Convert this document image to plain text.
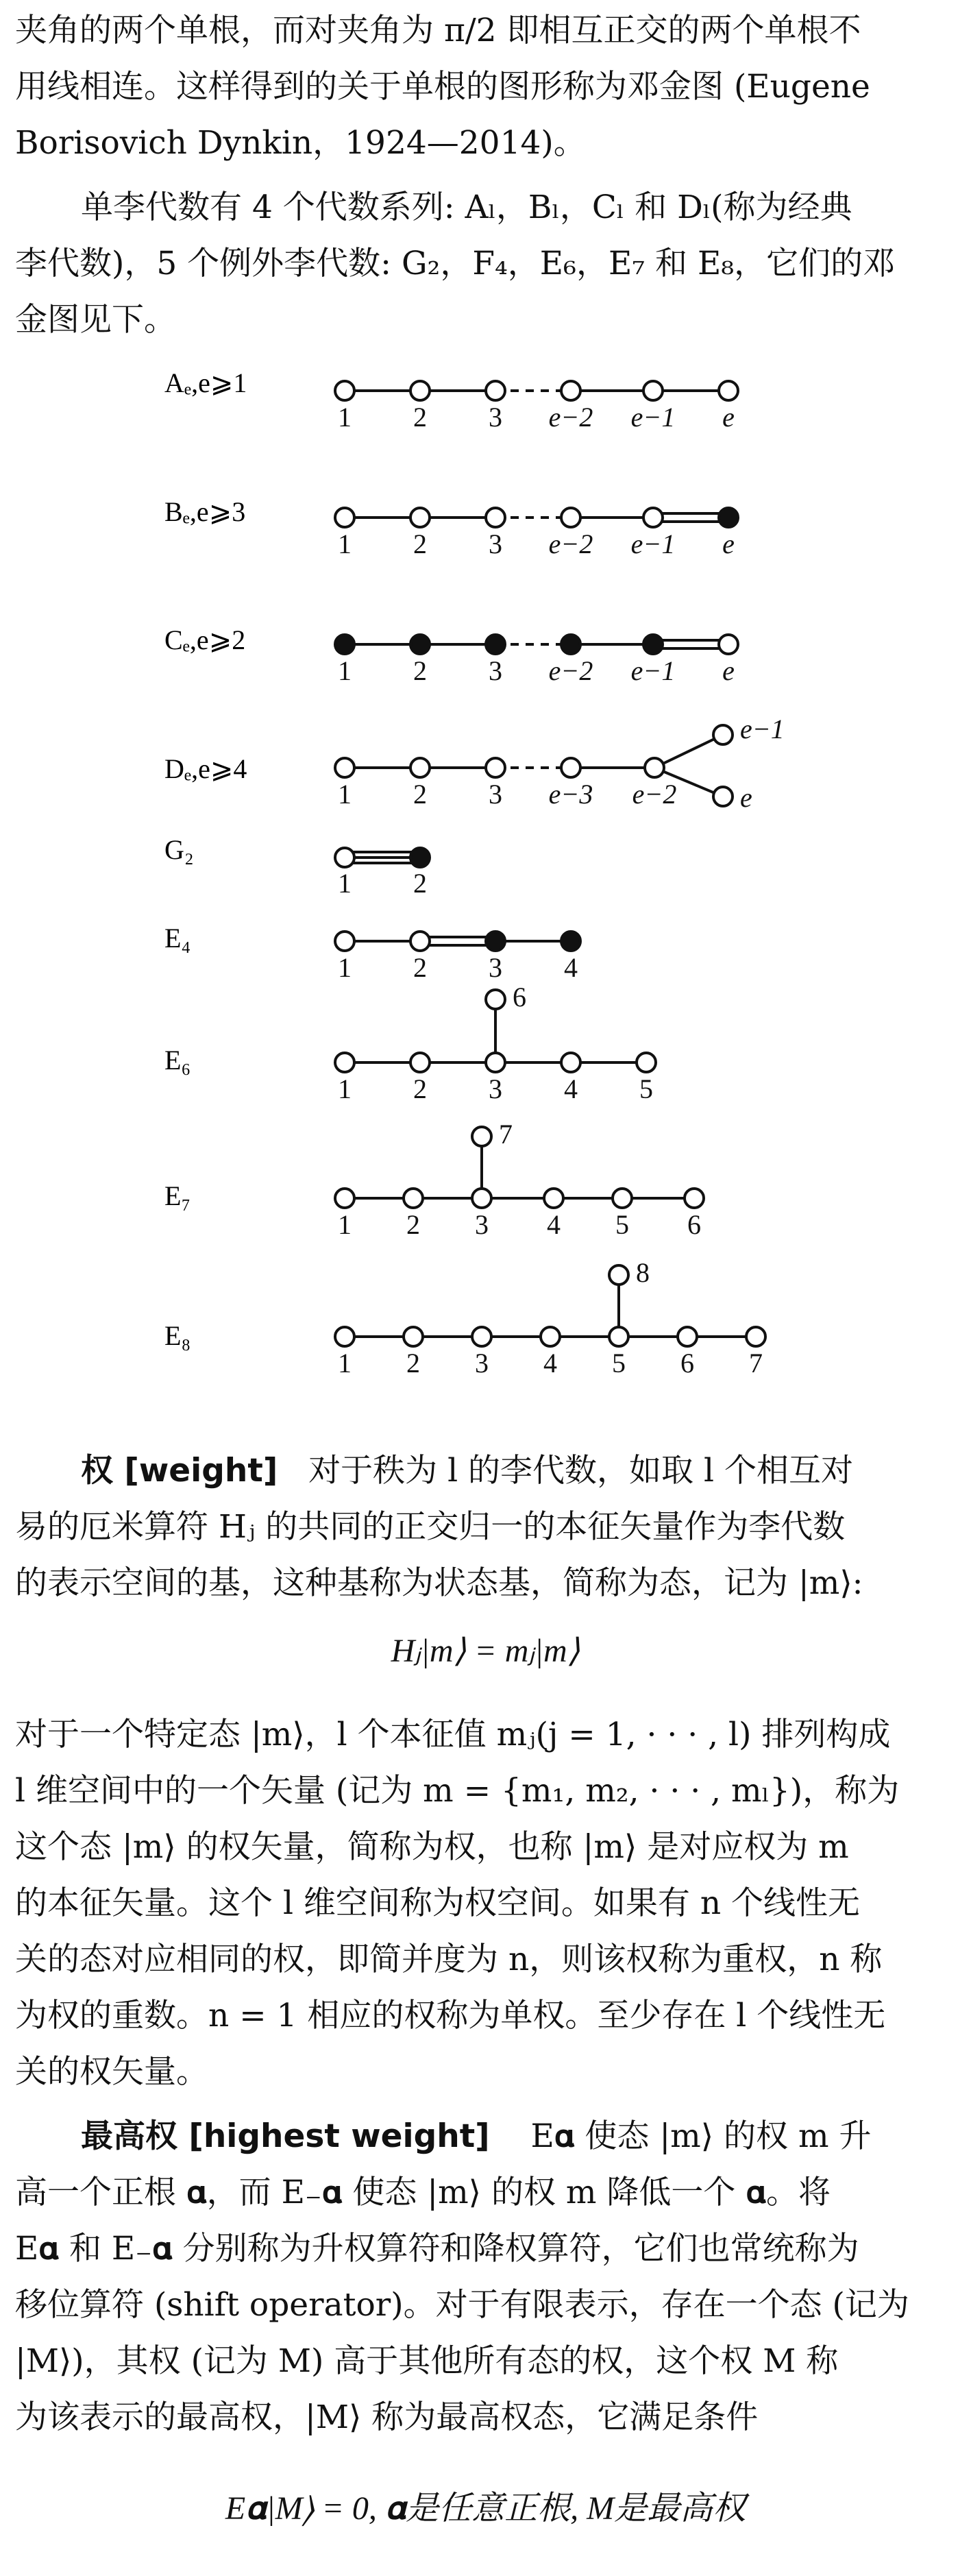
夹角的两个单根，而对夹角为 π/2 即相互正交的两个单根不

用线相连。这样得到的关于单根的图形称为邓金图 (Eugene

Borisovich Dynkin，1924—2014)。

单李代数有 4 个代数系列: Aₗ，Bₗ，Cₗ 和 Dₗ(称为经典

李代数)，5 个例外李代数: G₂，F₄，E₆，E₇ 和 E₈，它们的邓

金图见下。

Aₑ,e⩾1
Bₑ,e⩾3
Cₑ,e⩾2
Dₑ,e⩾4
G₂
E₄
E₆
E₇
E₈
1 2 3 e−2 e−1 e
1 2 3 e−2 e−1 e
1 2 3 e−2 e−1 e
1 2 3 e−3 e−2
1 2
1 2 3 4
1 2 3 4 5
1 2 3 4 5 6
1 2 3 4 5 6 7
e−1
e
6
7
8

权 [weight] 对于秩为 l 的李代数，如取 l 个相互对

易的厄米算符 Hⱼ 的共同的正交归一的本征矢量作为李代数

的表示空间的基，这种基称为状态基，简称为态，记为 |m⟩:

Hⱼ|m⟩ = mⱼ|m⟩

对于一个特定态 |m⟩，l 个本征值 mⱼ(j = 1, · · · , l) 排列构成

l 维空间中的一个矢量 (记为 m = {m₁, m₂, · · · , mₗ})，称为

这个态 |m⟩ 的权矢量，简称为权，也称 |m⟩ 是对应权为 m

的本征矢量。这个 l 维空间称为权空间。如果有 n 个线性无

关的态对应相同的权，即简并度为 n，则该权称为重权，n 称

为权的重数。n = 1 相应的权称为单权。至少存在 l 个线性无

关的权矢量。

最高权 [highest weight] E𝛂 使态 |m⟩ 的权 m 升

高一个正根 𝛂，而 E₋𝛂 使态 |m⟩ 的权 m 降低一个 𝛂。将

E𝛂 和 E₋𝛂 分别称为升权算符和降权算符，它们也常统称为

移位算符 (shift operator)。对于有限表示，存在一个态 (记为

|M⟩)，其权 (记为 M) 高于其他所有态的权，这个权 M 称

为该表示的最高权，|M⟩ 称为最高权态，它满足条件

E𝛂|M⟩ = 0, 𝛂是任意正根, M是最高权
